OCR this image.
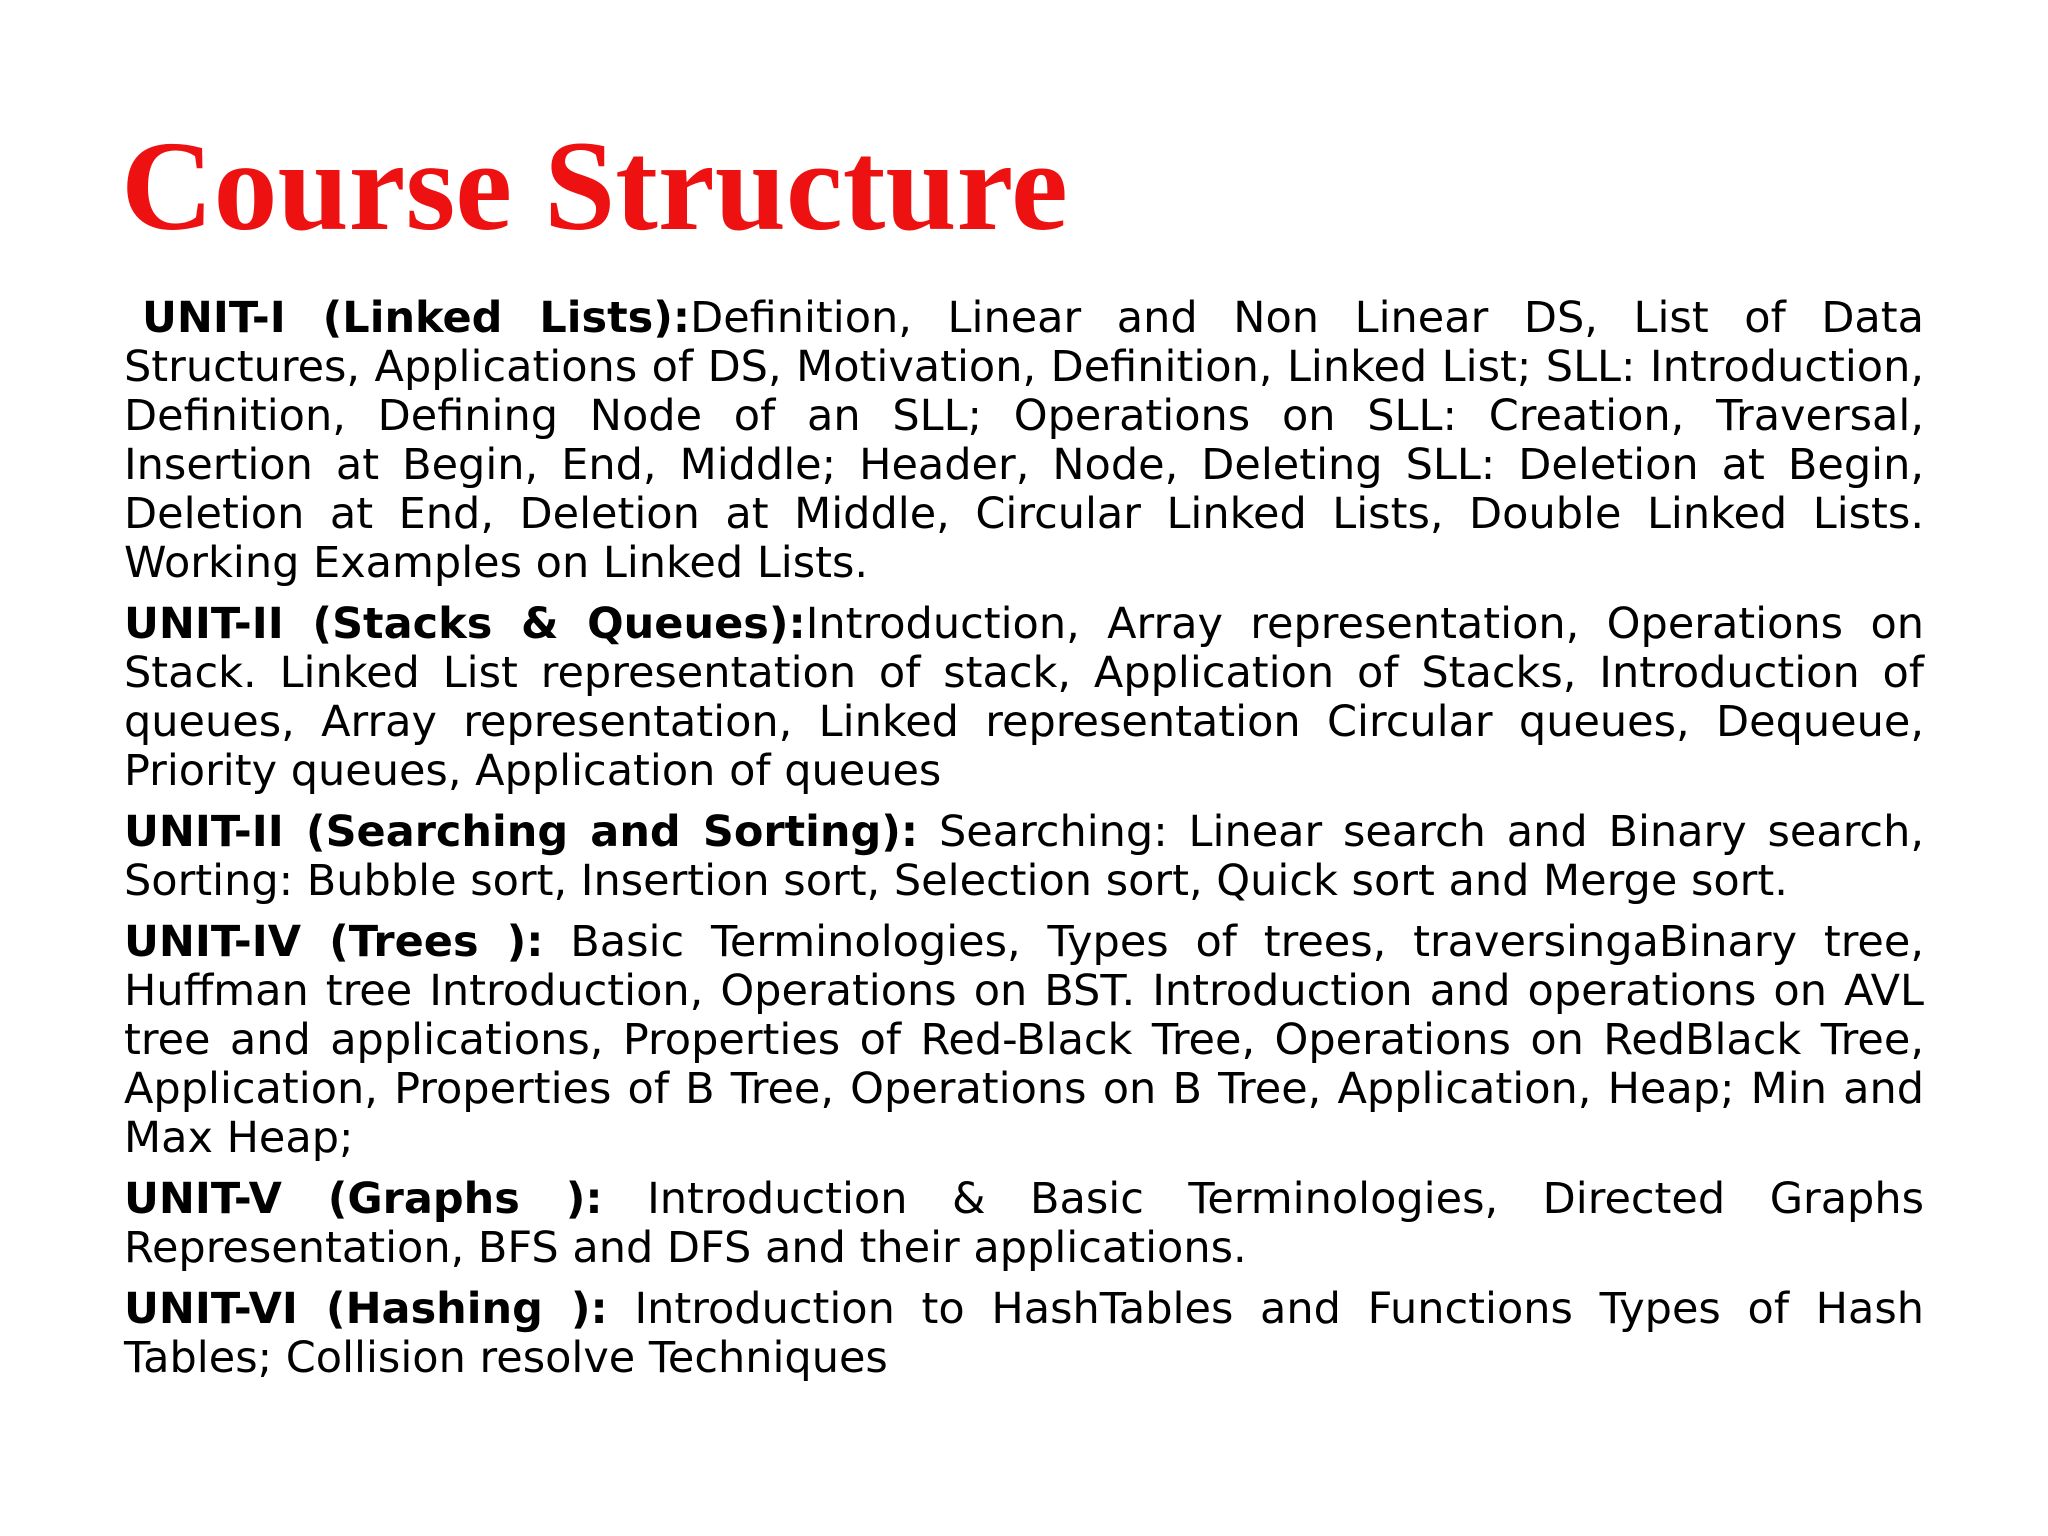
Course Structure

UNIT-I (Linked Lists):Definition, Linear and Non Linear DS, List of Data Structures, Applications of DS, Motivation, Definition, Linked List; SLL: Introduction, Definition, Defining Node of an SLL; Operations on SLL: Creation, Traversal, Insertion at Begin, End, Middle; Header, Node, Deleting SLL: Deletion at Begin, Deletion at End, Deletion at Middle, Circular Linked Lists, Double Linked Lists. Working Examples on Linked Lists.

UNIT-II (Stacks & Queues):Introduction, Array representation, Operations on Stack. Linked List representation of stack, Application of Stacks, Introduction of queues, Array representation, Linked representation Circular queues, Dequeue, Priority queues, Application of queues

UNIT-II (Searching and Sorting): Searching: Linear search and Binary search, Sorting: Bubble sort, Insertion sort, Selection sort, Quick sort and Merge sort.

UNIT-IV (Trees ): Basic Terminologies, Types of trees, traversingaBinary tree, Huffman tree Introduction, Operations on BST. Introduction and operations on AVL tree and applications, Properties of Red-Black Tree, Operations on RedBlack Tree, Application, Properties of B Tree, Operations on B Tree, Application, Heap; Min and Max Heap;

UNIT-V (Graphs ): Introduction & Basic Terminologies, Directed Graphs Representation, BFS and DFS and their applications.

UNIT-VI (Hashing ): Introduction to HashTables and Functions Types of Hash Tables; Collision resolve Techniques
